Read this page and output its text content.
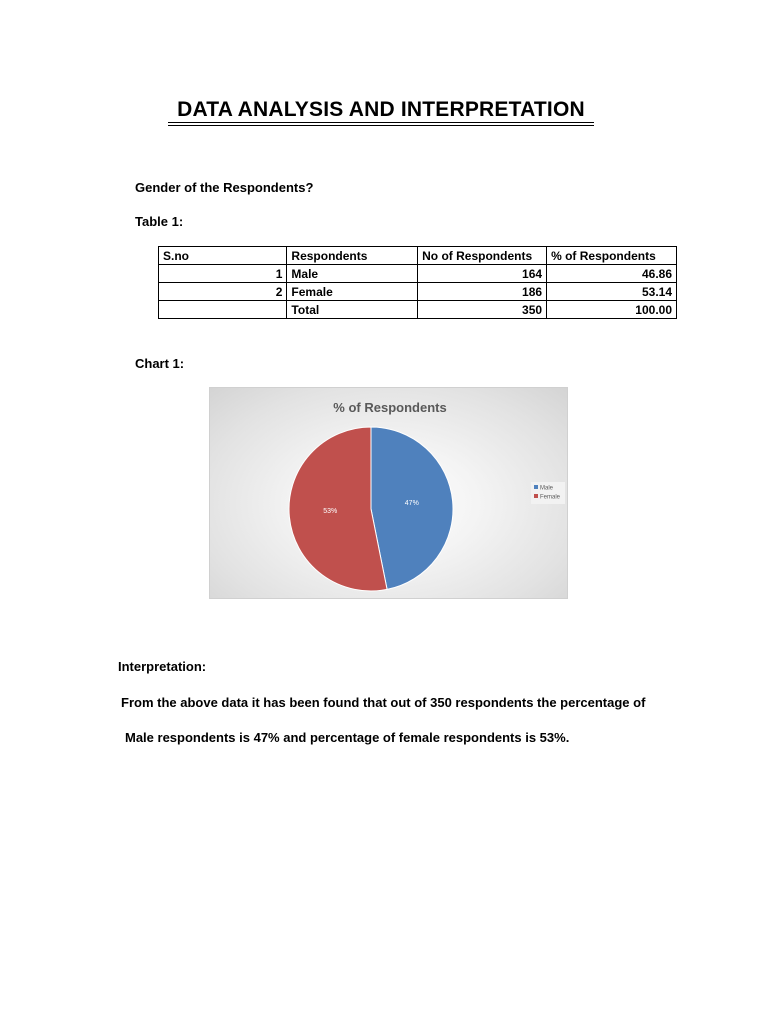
DATA ANALYSIS AND INTERPRETATION
Gender of the Respondents?
Table 1:
S.no	Respondents	No of Respondents	% of Respondents
1	Male	164	46.86
2	Female	186	53.14
	Total	350	100.00
Chart 1:
% of Respondents
47%
53%
Male
Female
Interpretation:
From the above data it has been found that out of 350 respondents the percentage of
Male respondents is 47% and percentage of female respondents is 53%.
